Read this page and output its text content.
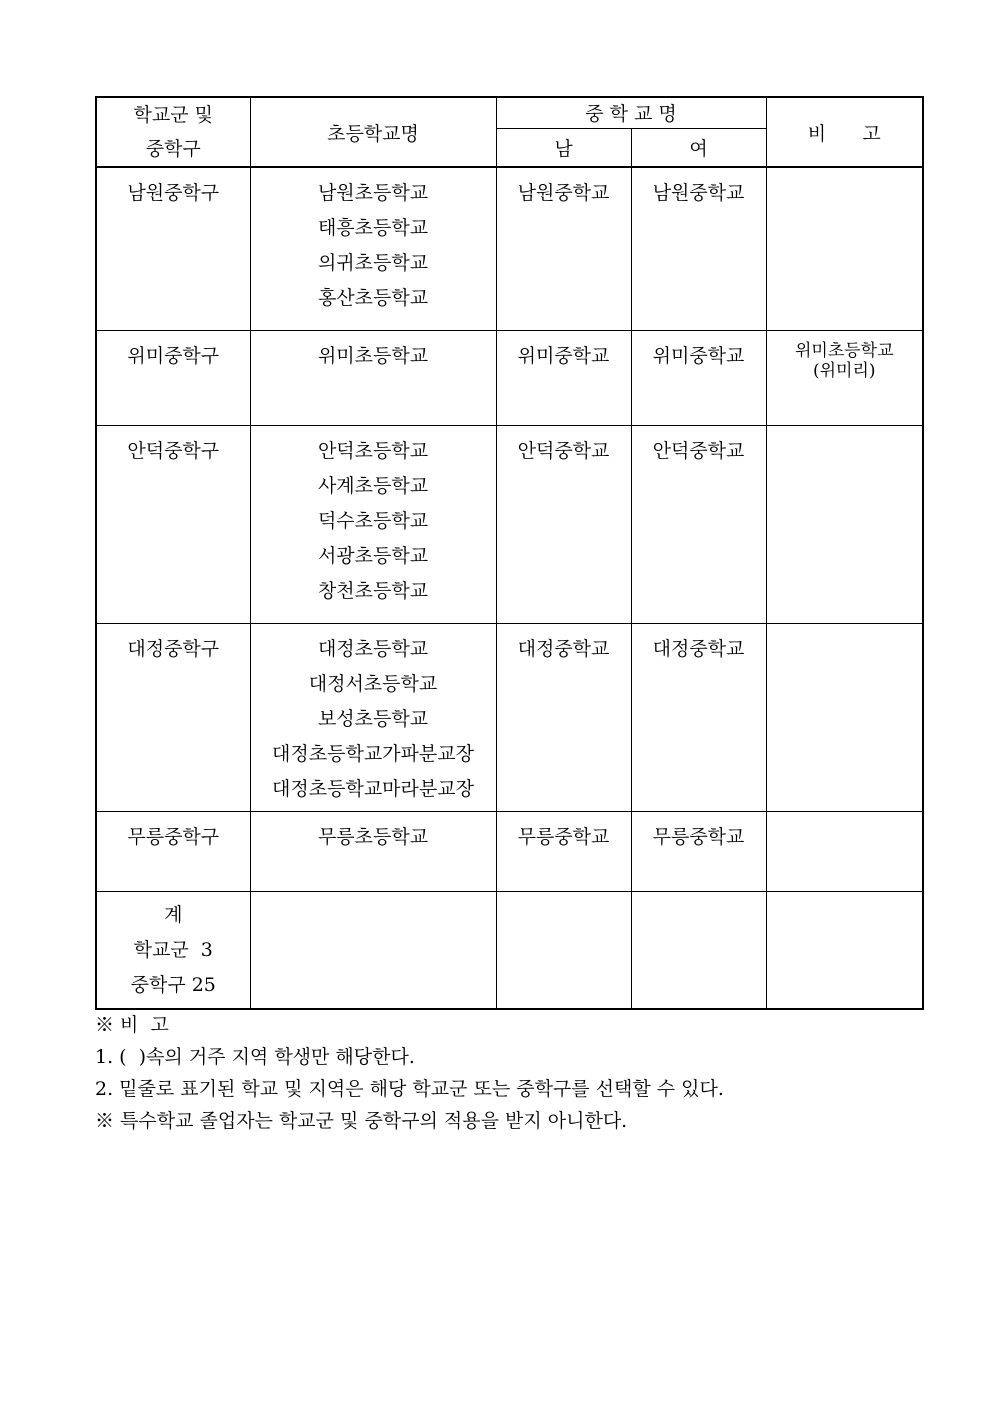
학교군 및
중학구	초등학교명	중 학 교 명		비      고
		남	여	

남원중학구	남원초등학교
태흥초등학교
의귀초등학교
홍산초등학교	남원중학교	남원중학교	

위미중학구	위미초등학교	위미중학교	위미중학교	위미초등학교
(위미리)

안덕중학구	안덕초등학교
사계초등학교
덕수초등학교
서광초등학교
창천초등학교	안덕중학교	안덕중학교	

대정중학구	대정초등학교
대정서초등학교
보성초등학교
대정초등학교가파분교장
대정초등학교마라분교장	대정중학교	대정중학교	

무릉중학구	무릉초등학교	무릉중학교	무릉중학교	

계
학교군  3
중학구 25				

※ 비  고
1. (  )속의 거주 지역 학생만 해당한다.
2. 밑줄로 표기된 학교 및 지역은 해당 학교군 또는 중학구를 선택할 수 있다.
※ 특수학교 졸업자는 학교군 및 중학구의 적용을 받지 아니한다.
